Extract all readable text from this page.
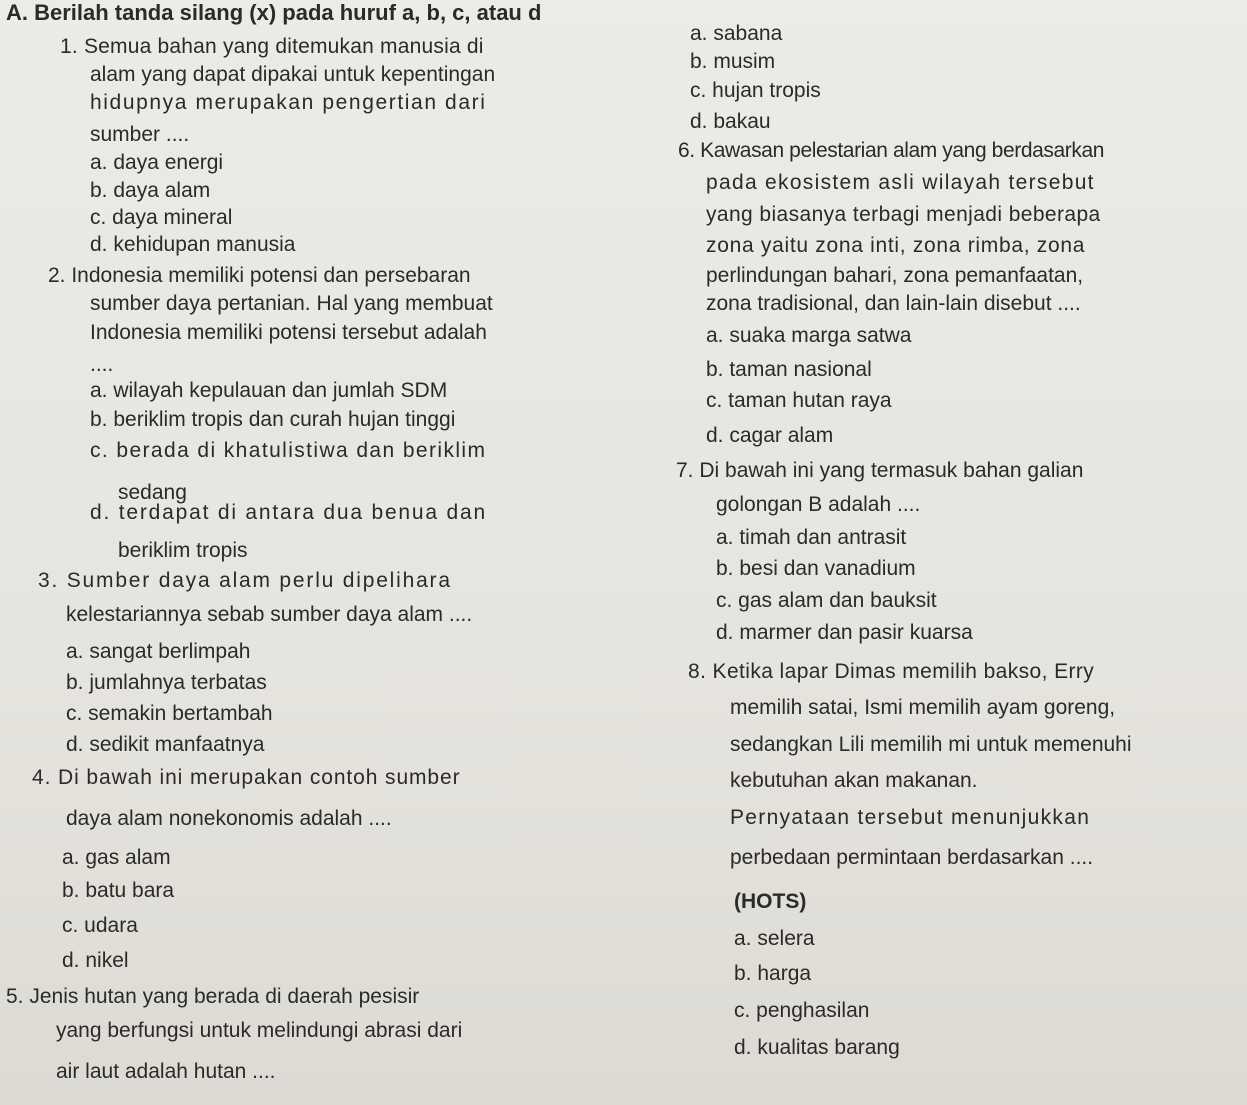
A. Berilah tanda silang (x) pada huruf a, b, c, atau d
1. Semua bahan yang ditemukan manusia di
alam yang dapat dipakai untuk kepentingan
hidupnya merupakan pengertian dari
sumber ....
a. daya energi
b. daya alam
c. daya mineral
d. kehidupan manusia
2. Indonesia memiliki potensi dan persebaran
sumber daya pertanian. Hal yang membuat
Indonesia memiliki potensi tersebut adalah
....
a. wilayah kepulauan dan jumlah SDM
b. beriklim tropis dan curah hujan tinggi
c. berada di khatulistiwa dan beriklim
sedang
d. terdapat di antara dua benua dan
beriklim tropis
3. Sumber daya alam perlu dipelihara
kelestariannya sebab sumber daya alam ....
a. sangat berlimpah
b. jumlahnya terbatas
c. semakin bertambah
d. sedikit manfaatnya
4. Di bawah ini merupakan contoh sumber
daya alam nonekonomis adalah ....
a. gas alam
b. batu bara
c. udara
d. nikel
5. Jenis hutan yang berada di daerah pesisir
yang berfungsi untuk melindungi abrasi dari
air laut adalah hutan ....
a. sabana
b. musim
c. hujan tropis
d. bakau
6. Kawasan pelestarian alam yang berdasarkan
pada ekosistem asli wilayah tersebut
yang biasanya terbagi menjadi beberapa
zona yaitu zona inti, zona rimba, zona
perlindungan bahari, zona pemanfaatan,
zona tradisional, dan lain-lain disebut ....
a. suaka marga satwa
b. taman nasional
c. taman hutan raya
d. cagar alam
7. Di bawah ini yang termasuk bahan galian
golongan B adalah ....
a. timah dan antrasit
b. besi dan vanadium
c. gas alam dan bauksit
d. marmer dan pasir kuarsa
8. Ketika lapar Dimas memilih bakso, Erry
memilih satai, Ismi memilih ayam goreng,
sedangkan Lili memilih mi untuk memenuhi
kebutuhan akan makanan.
Pernyataan tersebut menunjukkan
perbedaan permintaan berdasarkan ....
(HOTS)
a. selera
b. harga
c. penghasilan
d. kualitas barang
